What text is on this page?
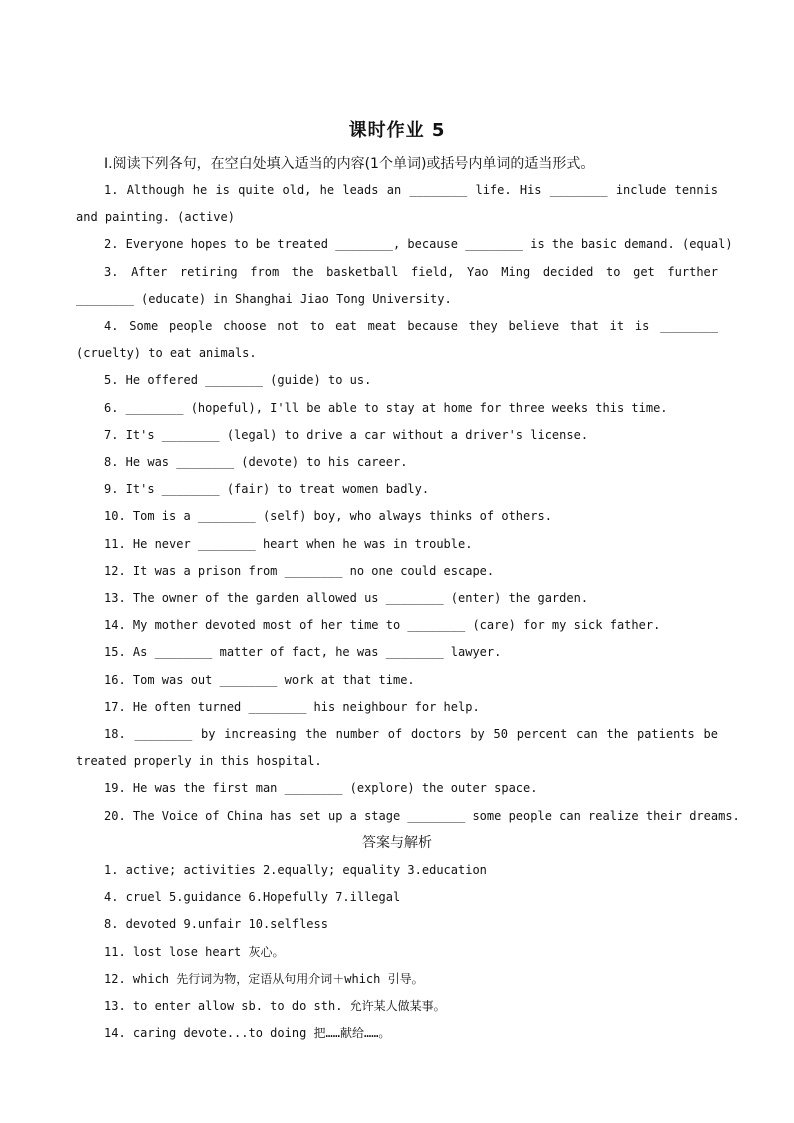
课时作业 5
Ⅰ.阅读下列各句，在空白处填入适当的内容(1个单词)或括号内单词的适当形式。
1. Although he is quite old, he leads an ________ life. His ________ include tennis and painting. (active)
2. Everyone hopes to be treated ________, because ________ is the basic demand. (equal)
3. After retiring from the basketball field, Yao Ming decided to get further ________ (educate) in Shanghai Jiao Tong University.
4. Some people choose not to eat meat because they believe that it is ________ (cruelty) to eat animals.
5. He offered ________ (guide) to us.
6. ________ (hopeful), I'll be able to stay at home for three weeks this time.
7. It's ________ (legal) to drive a car without a driver's license.
8. He was ________ (devote) to his career.
9. It's ________ (fair) to treat women badly.
10. Tom is a ________ (self) boy, who always thinks of others.
11. He never ________ heart when he was in trouble.
12. It was a prison from ________ no one could escape.
13. The owner of the garden allowed us ________ (enter) the garden.
14. My mother devoted most of her time to ________ (care) for my sick father.
15. As ________ matter of fact, he was ________ lawyer.
16. Tom was out ________ work at that time.
17. He often turned ________ his neighbour for help.
18. ________ by increasing the number of doctors by 50 percent can the patients be treated properly in this hospital.
19. He was the first man ________ (explore) the outer space.
20. The Voice of China has set up a stage ________ some people can realize their dreams.
答案与解析
1. active; activities 2.equally; equality 3.education
4. cruel 5.guidance 6.Hopefully 7.illegal
8. devoted 9.unfair 10.selfless
11. lost lose heart 灰心。
12. which 先行词为物，定语从句用介词＋which 引导。
13. to enter allow sb. to do sth. 允许某人做某事。
14. caring devote...to doing 把……献给……。
